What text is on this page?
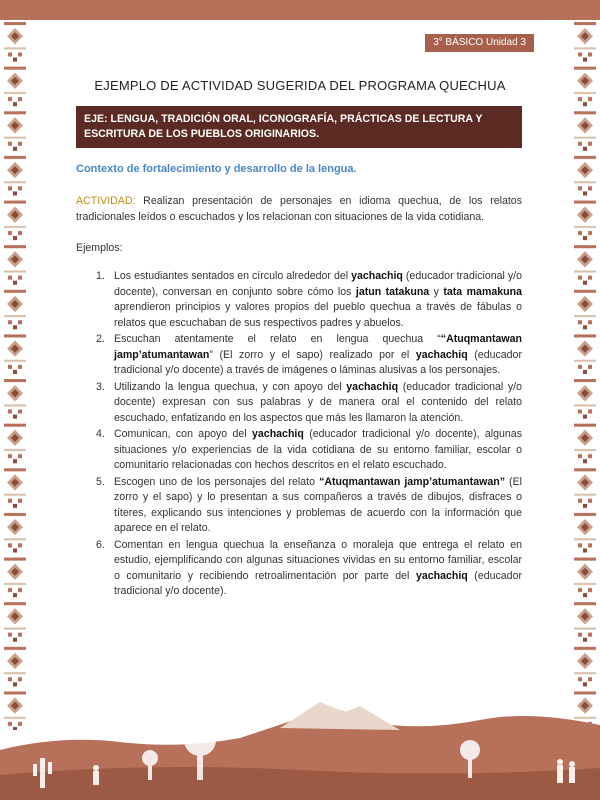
3° BÁSICO Unidad 3
EJEMPLO DE ACTIVIDAD SUGERIDA DEL PROGRAMA QUECHUA
EJE: LENGUA, TRADICIÓN ORAL, ICONOGRAFÍA, PRÁCTICAS DE LECTURA Y ESCRITURA DE LOS PUEBLOS ORIGINARIOS.
Contexto de fortalecimiento y desarrollo de la lengua.
ACTIVIDAD: Realizan presentación de personajes en idioma quechua, de los relatos tradicionales leídos o escuchados y los relacionan con situaciones de la vida cotidiana.
Ejemplos:
1. Los estudiantes sentados en círculo alrededor del yachachiq (educador tradicional y/o docente), conversan en conjunto sobre cómo los jatun tatakuna y tata mamakuna aprendieron principios y valores propios del pueblo quechua a través de fábulas o relatos que escuchaban de sus respectivos padres y abuelos.
2. Escuchan atentamente el relato en lengua quechua ““Atuqmantawan jamp’atumantawan” (El zorro y el sapo) realizado por el yachachiq (educador tradicional y/o docente) a través de imágenes o láminas alusivas a los personajes.
3. Utilizando la lengua quechua, y con apoyo del yachachiq (educador tradicional y/o docente) expresan con sus palabras y de manera oral el contenido del relato escuchado, enfatizando en los aspectos que más les llamaron la atención.
4. Comunican, con apoyo del yachachiq (educador tradicional y/o docente), algunas situaciones y/o experiencias de la vida cotidiana de su entorno familiar, escolar o comunitario relacionadas con hechos descritos en el relato escuchado.
5. Escogen uno de los personajes del relato “Atuqmantawan jamp’atumantawan” (El zorro y el sapo) y lo presentan a sus compañeros a través de dibujos, disfraces o títeres, explicando sus intenciones y problemas de acuerdo con la información que aparece en el relato.
6. Comentan en lengua quechua la enseñanza o moraleja que entrega el relato en estudio, ejemplificando con algunas situaciones vividas en su entorno familiar, escolar o comunitario y recibiendo retroalimentación por parte del yachachiq (educador tradicional y/o docente).
